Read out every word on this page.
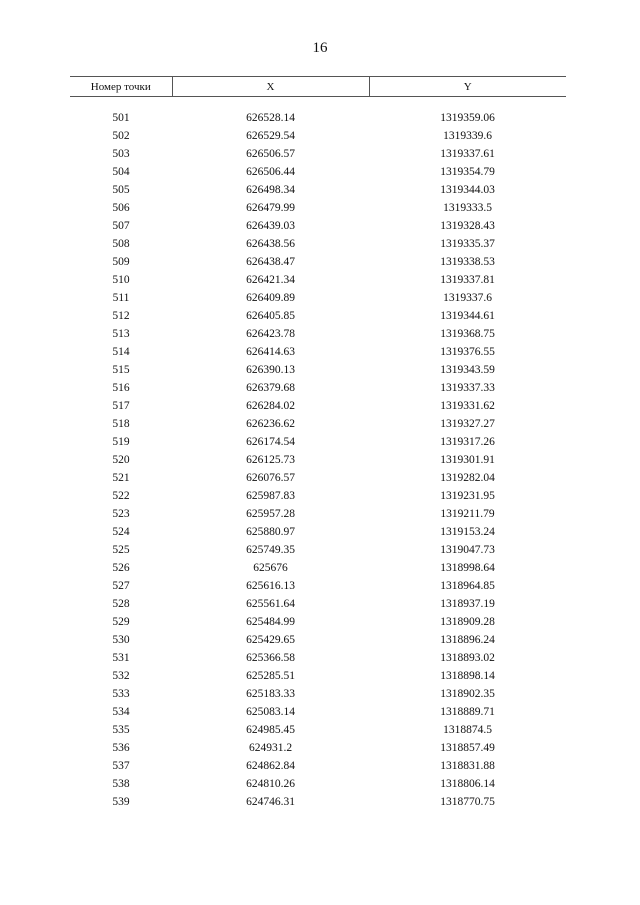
16
Номер точки	X	Y

501	626528.14	1319359.06
502	626529.54	1319339.6
503	626506.57	1319337.61
504	626506.44	1319354.79
505	626498.34	1319344.03
506	626479.99	1319333.5
507	626439.03	1319328.43
508	626438.56	1319335.37
509	626438.47	1319338.53
510	626421.34	1319337.81
511	626409.89	1319337.6
512	626405.85	1319344.61
513	626423.78	1319368.75
514	626414.63	1319376.55
515	626390.13	1319343.59
516	626379.68	1319337.33
517	626284.02	1319331.62
518	626236.62	1319327.27
519	626174.54	1319317.26
520	626125.73	1319301.91
521	626076.57	1319282.04
522	625987.83	1319231.95
523	625957.28	1319211.79
524	625880.97	1319153.24
525	625749.35	1319047.73
526	625676	1318998.64
527	625616.13	1318964.85
528	625561.64	1318937.19
529	625484.99	1318909.28
530	625429.65	1318896.24
531	625366.58	1318893.02
532	625285.51	1318898.14
533	625183.33	1318902.35
534	625083.14	1318889.71
535	624985.45	1318874.5
536	624931.2	1318857.49
537	624862.84	1318831.88
538	624810.26	1318806.14
539	624746.31	1318770.75
